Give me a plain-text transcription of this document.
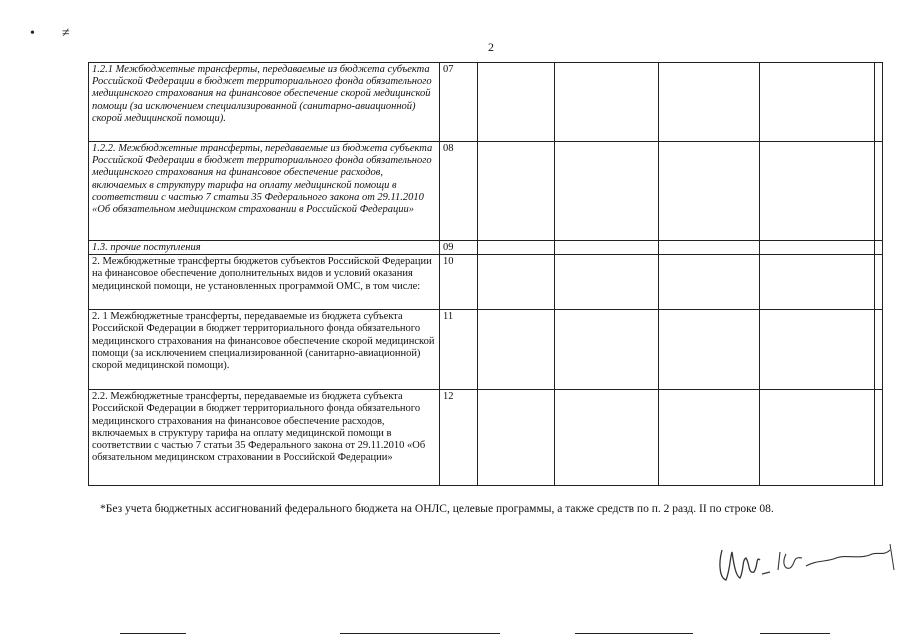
• ≠
2
1.2.1 Межбюджетные трансферты, передаваемые из бюджета субъекта Российской Федерации в бюджет территориального фонда обязательного медицинского страхования на финансовое обеспечение скорой медицинской помощи (за исключением специализированной (санитарно-авиационной) скорой медицинской помощи).	07					
1.2.2. Межбюджетные трансферты, передаваемые из бюджета субъекта Российской Федерации в бюджет территориального фонда обязательного медицинского страхования на финансовое обеспечение расходов, включаемых в структуру тарифа на оплату медицинской помощи в соответствии с частью 7 статьи 35 Федерального закона от 29.11.2010 «Об обязательном медицинском страховании в Российской Федерации»	08					
1.3. прочие поступления	09					
2. Межбюджетные трансферты бюджетов субъектов Российской Федерации на финансовое обеспечение дополнительных видов и условий оказания медицинской помощи, не установленных программой ОМС, в том числе:	10					
2. 1 Межбюджетные трансферты, передаваемые из бюджета субъекта Российской Федерации в бюджет территориального фонда обязательного медицинского страхования на финансовое обеспечение скорой медицинской помощи (за исключением специализированной (санитарно-авиационной) скорой медицинской помощи).	11					
2.2. Межбюджетные трансферты, передаваемые из бюджета субъекта Российской Федерации в бюджет территориального фонда обязательного медицинского страхования на финансовое обеспечение расходов, включаемых в структуру тарифа на оплату медицинской помощи в соответствии с частью 7 статьи 35 Федерального закона от 29.11.2010 «Об обязательном медицинском страховании в Российской Федерации»	12					
*Без учета бюджетных ассигнований федерального бюджета на ОНЛС, целевые программы, а также средств по п. 2 разд. II по строке 08.
